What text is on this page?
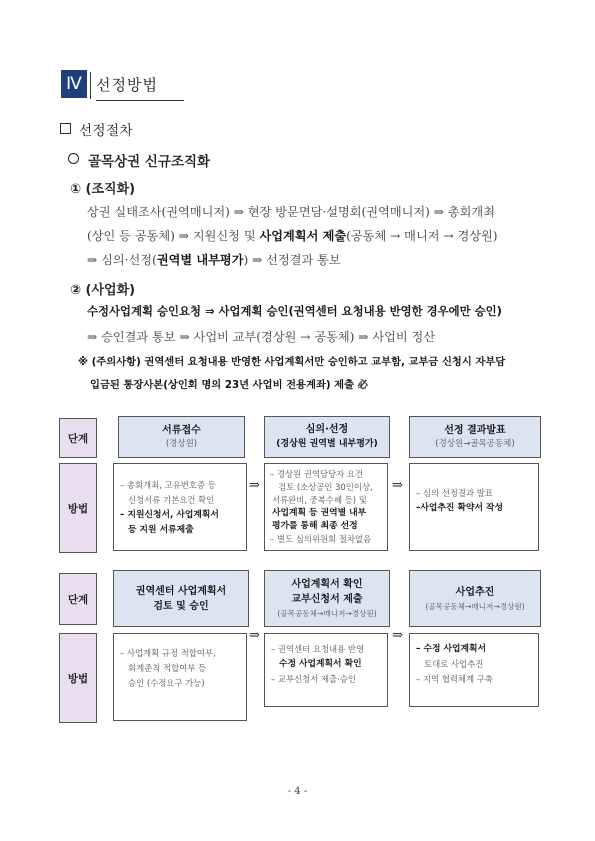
Ⅳ 선정방법
선정절차
골목상권 신규조직화
① (조직화)
상권 실태조사(권역매니저) ⇒ 현장 방문면담·설명회(권역매니저) ⇒ 총회개최
(상인 등 공동체) ⇒ 지원신청 및 사업계획서 제출(공동체 → 매니저 → 경상원)
⇒ 심의·선정(권역별 내부평가) ⇒ 선정결과 통보
② (사업화)
수정사업계획 승인요청 ⇒ 사업계획 승인(권역센터 요청내용 반영한 경우에만 승인)
⇒ 승인결과 통보 ⇒ 사업비 교부(경상원 → 공동체) ⇒ 사업비 정산
※ (주의사항) 권역센터 요청내용 반영한 사업계획서만 승인하고 교부함, 교부금 신청시 자부담
입금된 통장사본(상인회 명의 23년 사업비 전용계좌) 제출 必
단계
방법
서류접수
(경상원)
– 총회개최, 고유번호증 등
신청서류 기본요건 확인
– 지원신청서, 사업계획서
등 지원 서류제출
⇒
심의·선정
(경상원 권역별 내부평가)
– 경상원 권역담당자 요건
검토 (소상공인 30인이상,
서류완비, 중복수혜 등) 및
사업계획 등 권역별 내부
평가를 통해 최종 선정
– 별도 심의위원회 절차없음
⇒
선정 결과발표
(경상원→골목공동체)
– 심의 선정결과 발표
–사업추진 확약서 작성
단계
방법
권역센터 사업계획서
검토 및 승인
– 사업계획 규정 적합여부,
회계준칙 적합여부 등
승인 (수정요구 가능)
⇒
사업계획서 확인
교부신청서 제출
(골목공동체→매니저→경상원)
– 권역센터 요청내용 반영
수정 사업계획서 확인
– 교부신청서 제출·승인
⇒
사업추진
(골목공동체→매니저→경상원)
– 수정 사업계획서
토대로 사업추진
– 지역 협력체계 구축
- 4 -
